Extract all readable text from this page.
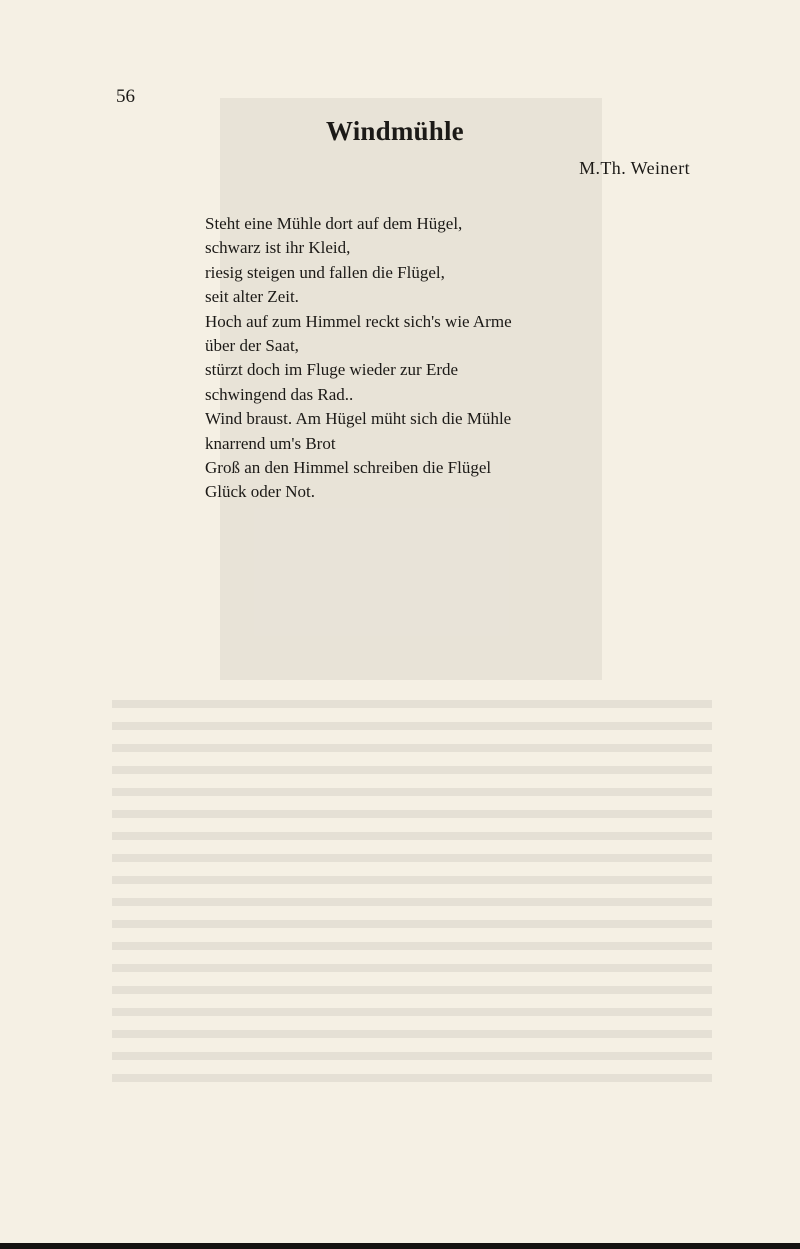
56
Windmühle
M.Th. Weinert
Steht eine Mühle dort auf dem Hügel,
schwarz ist ihr Kleid,
riesig steigen und fallen die Flügel,
seit alter Zeit.
Hoch auf zum Himmel reckt sich's wie Arme
über der Saat,
stürzt doch im Fluge wieder zur Erde
schwingend das Rad..
Wind braust. Am Hügel müht sich die Mühle
knarrend um's Brot
Groß an den Himmel schreiben die Flügel
Glück oder Not.
